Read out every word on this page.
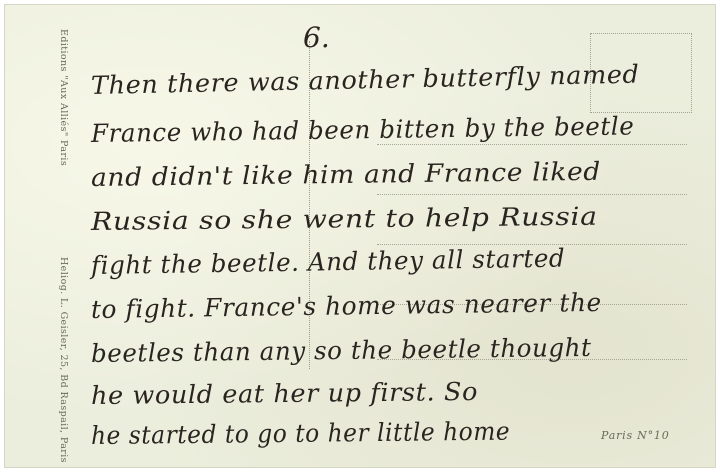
Editions "Aux Alliés" Paris
Heliog. L. Geisler, 25, Bd Raspail, Paris
6.
Then there was another butterfly named
France who had been bitten by the beetle
and didn't like him and France liked
Russia so she went to help Russia
fight the beetle. And they all started
to fight. France's home was nearer the
beetles than any so the beetle thought
he would eat her up first. So
he started to go to her little home	Paris N°10
